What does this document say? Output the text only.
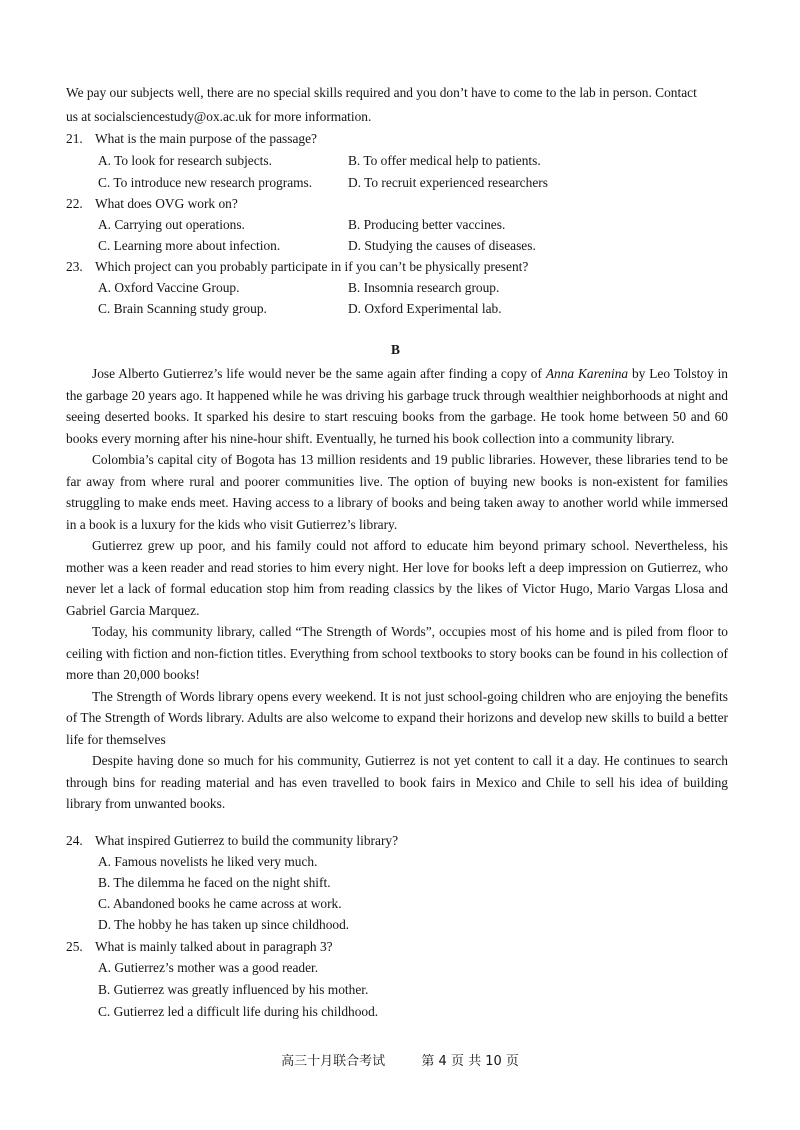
We pay our subjects well, there are no special skills required and you don’t have to come to the lab in person. Contact
us at socialsciencestudy@ox.ac.uk for more information.
21. What is the main purpose of the passage?
A. To look for research subjects.	B. To offer medical help to patients.
C. To introduce new research programs.	D. To recruit experienced researchers
22. What does OVG work on?
A. Carrying out operations.	B. Producing better vaccines.
C. Learning more about infection.	D. Studying the causes of diseases.
23. Which project can you probably participate in if you can’t be physically present?
A. Oxford Vaccine Group.	B. Insomnia research group.
C. Brain Scanning study group.	D. Oxford Experimental lab.
B

Jose Alberto Gutierrez’s life would never be the same again after finding a copy of Anna Karenina by Leo Tolstoy in the garbage 20 years ago. It happened while he was driving his garbage truck through wealthier neighborhoods at night and seeing deserted books. It sparked his desire to start rescuing books from the garbage. He took home between 50 and 60 books every morning after his nine-hour shift. Eventually, he turned his book collection into a community library.

Colombia’s capital city of Bogota has 13 million residents and 19 public libraries. However, these libraries tend to be far away from where rural and poorer communities live. The option of buying new books is non-existent for families struggling to make ends meet. Having access to a library of books and being taken away to another world while immersed in a book is a luxury for the kids who visit Gutierrez’s library.

Gutierrez grew up poor, and his family could not afford to educate him beyond primary school. Nevertheless, his mother was a keen reader and read stories to him every night. Her love for books left a deep impression on Gutierrez, who never let a lack of formal education stop him from reading classics by the likes of Victor Hugo, Mario Vargas Llosa and Gabriel Garcia Marquez.

Today, his community library, called “The Strength of Words”, occupies most of his home and is piled from floor to ceiling with fiction and non-fiction titles. Everything from school textbooks to story books can be found in his collection of more than 20,000 books!

The Strength of Words library opens every weekend. It is not just school-going children who are enjoying the benefits of The Strength of Words library. Adults are also welcome to expand their horizons and develop new skills to build a better life for themselves

Despite having done so much for his community, Gutierrez is not yet content to call it a day. He continues to search through bins for reading material and has even travelled to book fairs in Mexico and Chile to sell his idea of building library from unwanted books.

24. What inspired Gutierrez to build the community library?
A. Famous novelists he liked very much.
B. The dilemma he faced on the night shift.
C. Abandoned books he came across at work.
D. The hobby he has taken up since childhood.
25. What is mainly talked about in paragraph 3?
A. Gutierrez’s mother was a good reader.
B. Gutierrez was greatly influenced by his mother.
C. Gutierrez led a difficult life during his childhood.
高三十月联合考试	第 4 页 共 10 页
